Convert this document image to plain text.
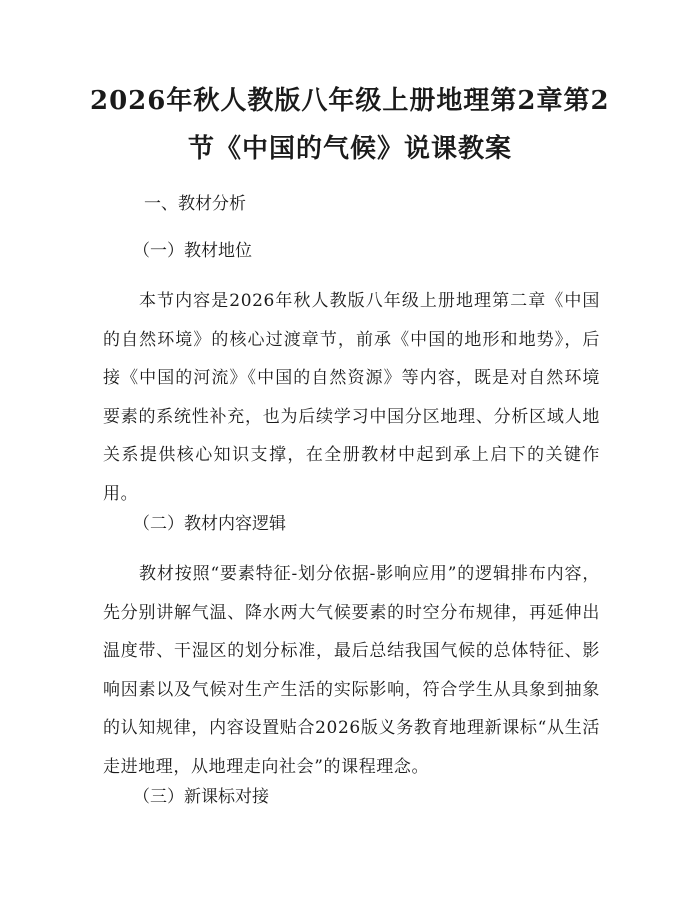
2026年秋人教版八年级上册地理第2章第2
节《中国的气候》说课教案

一、教材分析

（一）教材地位

本节内容是2026年秋人教版八年级上册地理第二章《中国的自然环境》的核心过渡章节，前承《中国的地形和地势》，后接《中国的河流》《中国的自然资源》等内容，既是对自然环境要素的系统性补充，也为后续学习中国分区地理、分析区域人地关系提供核心知识支撑，在全册教材中起到承上启下的关键作用。

（二）教材内容逻辑

教材按照“要素特征-划分依据-影响应用”的逻辑排布内容，先分别讲解气温、降水两大气候要素的时空分布规律，再延伸出温度带、干湿区的划分标准，最后总结我国气候的总体特征、影响因素以及气候对生产生活的实际影响，符合学生从具象到抽象的认知规律，内容设置贴合2026版义务教育地理新课标“从生活走进地理，从地理走向社会”的课程理念。

（三）新课标对接
